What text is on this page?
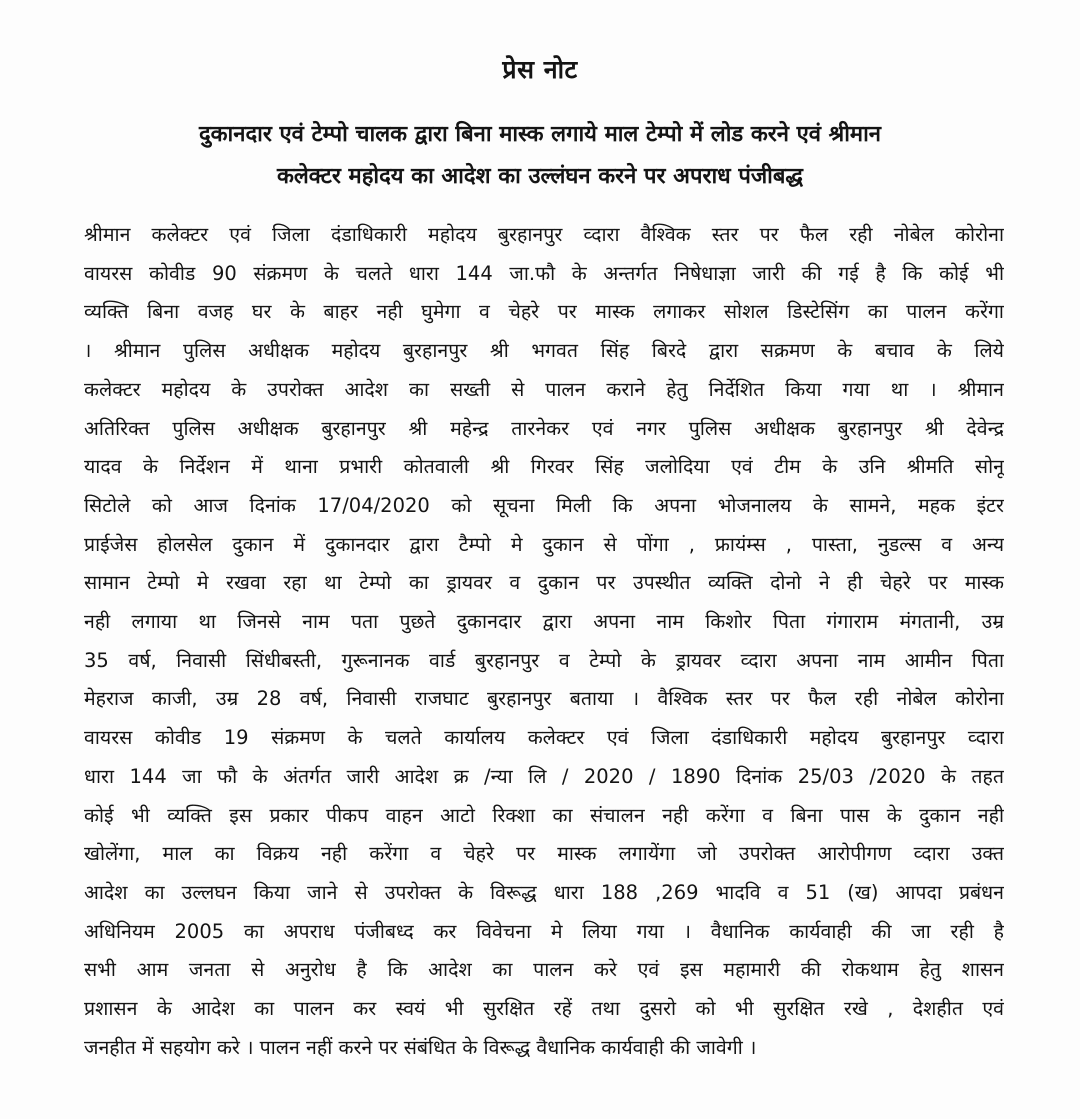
प्रेस नोट
दुकानदार एवं टेम्पो चालक द्वारा बिना मास्क लगाये माल टेम्पो में लोड करने एवं श्रीमान
कलेक्टर महोदय का आदेश का उल्लंघन करने पर अपराध पंजीबद्ध
श्रीमान कलेक्टर एवं जिला दंडाधिकारी महोदय बुरहानपुर व्दारा वैश्विक स्तर पर फैल रही नोबेल कोरोना
वायरस कोवीड 90 संक्रमण के चलते धारा 144 जा.फौ के अन्तर्गत निषेधाज्ञा जारी की गई है कि कोई भी
व्यक्ति बिना वजह घर के बाहर नही घुमेगा व चेहरे पर मास्क लगाकर सोशल डिस्टेसिंग का पालन करेंगा
। श्रीमान पुलिस अधीक्षक महोदय बुरहानपुर श्री भगवत सिंह बिरदे द्वारा सक्रमण के बचाव के लिये
कलेक्टर महोदय के उपरोक्त आदेश का सख्ती से पालन कराने हेतु निर्देशित किया गया था । श्रीमान
अतिरिक्त पुलिस अधीक्षक बुरहानपुर श्री महेन्द्र तारनेकर एवं नगर पुलिस अधीक्षक बुरहानपुर श्री देवेन्द्र
यादव के निर्देशन में थाना प्रभारी कोतवाली श्री गिरवर सिंह जलोदिया एवं टीम के उनि श्रीमति सोनू
सिटोले को आज दिनांक 17/04/2020 को सूचना मिली कि अपना भोजनालय के सामने, महक इंटर
प्राईजेस होलसेल दुकान में दुकानदार द्वारा टैम्पो मे दुकान से पोंगा , फ्रायंम्स , पास्ता, नुडल्स व अन्य
सामान टेम्पो मे रखवा रहा था टेम्पो का ड्रायवर व दुकान पर उपस्थीत व्यक्ति दोनो ने ही चेहरे पर मास्क
नही लगाया था जिनसे नाम पता पुछते दुकानदार द्वारा अपना नाम किशोर पिता गंगाराम मंगतानी, उम्र
35 वर्ष, निवासी सिंधीबस्ती, गुरूनानक वार्ड बुरहानपुर व टेम्पो के ड्रायवर व्दारा अपना नाम आमीन पिता
मेहराज काजी, उम्र 28 वर्ष, निवासी राजघाट बुरहानपुर बताया । वैश्विक स्तर पर फैल रही नोबेल कोरोना
वायरस कोवीड 19 संक्रमण के चलते कार्यालय कलेक्टर एवं जिला दंडाधिकारी महोदय बुरहानपुर व्दारा
धारा 144 जा फौ के अंतर्गत जारी आदेश क्र /न्या लि / 2020 / 1890 दिनांक 25/03 /2020 के तहत
कोई भी व्यक्ति इस प्रकार पीकप वाहन आटो रिक्शा का संचालन नही करेंगा व बिना पास के दुकान नही
खोलेंगा, माल का विक्रय नही करेंगा व चेहरे पर मास्क लगायेंगा जो उपरोक्त आरोपीगण व्दारा उक्त
आदेश का उल्लघन किया जाने से उपरोक्त के विरूद्ध धारा 188 ,269 भादवि व 51 (ख) आपदा प्रबंधन
अधिनियम 2005 का अपराध पंजीबध्द कर विवेचना मे लिया गया । वैधानिक कार्यवाही की जा रही है
सभी आम जनता से अनुरोध है कि आदेश का पालन करे एवं इस महामारी की रोकथाम हेतु शासन
प्रशासन के आदेश का पालन कर स्वयं भी सुरक्षित रहें तथा दुसरो को भी सुरक्षित रखे , देशहीत एवं
जनहीत में सहयोग करे । पालन नहीं करने पर संबंधित के विरूद्ध वैधानिक कार्यवाही की जावेगी ।
